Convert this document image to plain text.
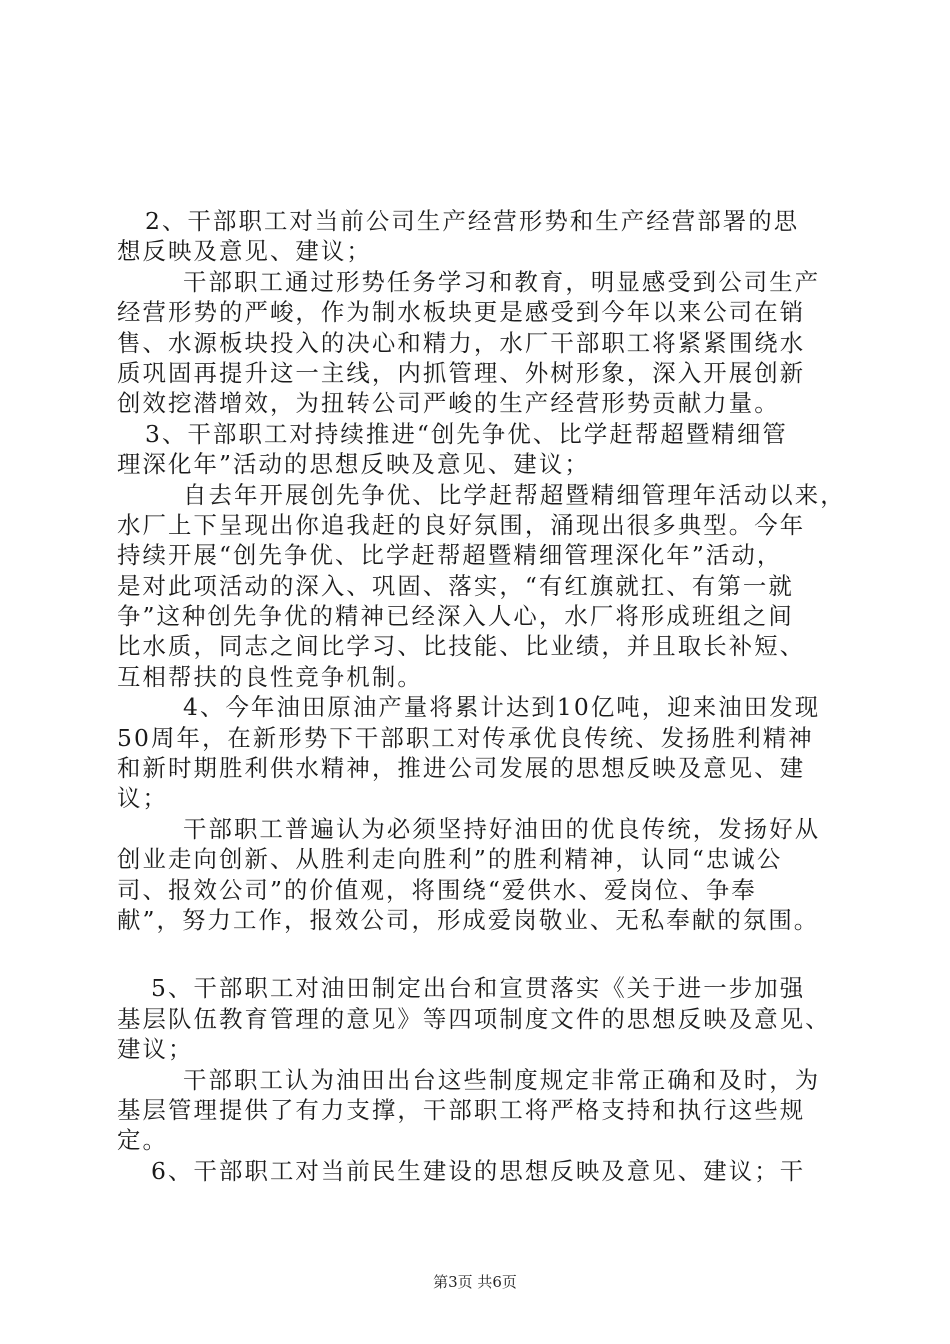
2、干部职工对当前公司生产经营形势和生产经营部署的思
想反映及意见、建议；
干部职工通过形势任务学习和教育，明显感受到公司生产
经营形势的严峻，作为制水板块更是感受到今年以来公司在销
售、水源板块投入的决心和精力，水厂干部职工将紧紧围绕水
质巩固再提升这一主线，内抓管理、外树形象，深入开展创新
创效挖潜增效，为扭转公司严峻的生产经营形势贡献力量。
3、干部职工对持续推进“创先争优、比学赶帮超暨精细管
理深化年”活动的思想反映及意见、建议；
自去年开展创先争优、比学赶帮超暨精细管理年活动以来，
水厂上下呈现出你追我赶的良好氛围，涌现出很多典型。今年
持续开展“创先争优、比学赶帮超暨精细管理深化年”活动，
是对此项活动的深入、巩固、落实，“有红旗就扛、有第一就
争”这种创先争优的精神已经深入人心，水厂将形成班组之间
比水质，同志之间比学习、比技能、比业绩，并且取长补短、
互相帮扶的良性竞争机制。
4、今年油田原油产量将累计达到10亿吨，迎来油田发现
50周年，在新形势下干部职工对传承优良传统、发扬胜利精神
和新时期胜利供水精神，推进公司发展的思想反映及意见、建
议；
干部职工普遍认为必须坚持好油田的优良传统，发扬好从
创业走向创新、从胜利走向胜利”的胜利精神，认同“忠诚公
司、报效公司”的价值观，将围绕“爱供水、爱岗位、争奉
献”，努力工作，报效公司，形成爱岗敬业、无私奉献的氛围。
5、干部职工对油田制定出台和宣贯落实《关于进一步加强
基层队伍教育管理的意见》等四项制度文件的思想反映及意见、
建议；
干部职工认为油田出台这些制度规定非常正确和及时，为
基层管理提供了有力支撑，干部职工将严格支持和执行这些规
定。
6、干部职工对当前民生建设的思想反映及意见、建议；干
第3页 共6页
